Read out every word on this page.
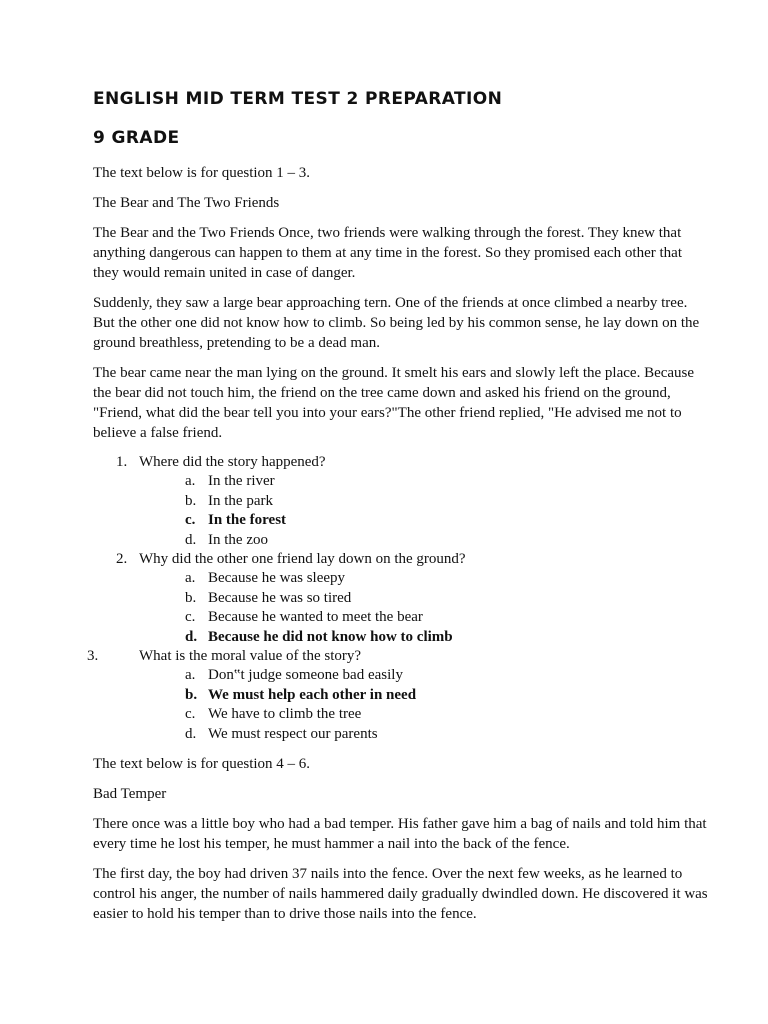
ENGLISH MID TERM TEST 2 PREPARATION
9 GRADE

The text below is for question 1 – 3.

The Bear and The Two Friends

The Bear and the Two Friends Once, two friends were walking through the forest. They knew that anything dangerous can happen to them at any time in the forest. So they promised each other that they would remain united in case of danger.

Suddenly, they saw a large bear approaching tern. One of the friends at once climbed a nearby tree. But the other one did not know how to climb. So being led by his common sense, he lay down on the ground breathless, pretending to be a dead man.

The bear came near the man lying on the ground. It smelt his ears and slowly left the place. Because the bear did not touch him, the friend on the tree came down and asked his friend on the ground, "Friend, what did the bear tell you into your ears?"The other friend replied, "He advised me not to believe a false friend.

1. Where did the story happened?
a. In the river
b. In the park
c. In the forest
d. In the zoo
2. Why did the other one friend lay down on the ground?
a. Because he was sleepy
b. Because he was so tired
c. Because he wanted to meet the bear
d. Because he did not know how to climb
3.	What is the moral value of the story?
a. Don‟t judge someone bad easily
b. We must help each other in need
c. We have to climb the tree
d. We must respect our parents

The text below is for question 4 – 6.

Bad Temper

There once was a little boy who had a bad temper. His father gave him a bag of nails and told him that every time he lost his temper, he must hammer a nail into the back of the fence.

The first day, the boy had driven 37 nails into the fence. Over the next few weeks, as he learned to control his anger, the number of nails hammered daily gradually dwindled down. He discovered it was easier to hold his temper than to drive those nails into the fence.
